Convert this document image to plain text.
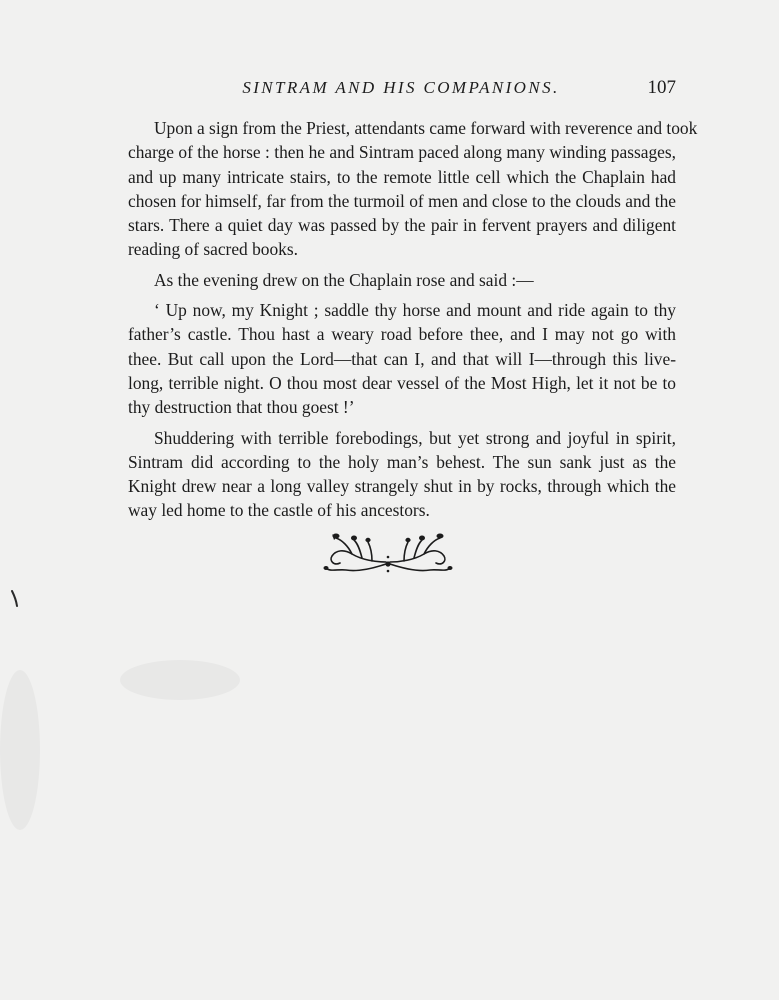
SINTRAM AND HIS COMPANIONS.	107

Upon a sign from the Priest, attendants came forward with reverence and took
charge of the horse : then he and Sintram paced along many winding passages,
and up many intricate stairs, to the remote little cell which the Chaplain had
chosen for himself, far from the turmoil of men and close to the clouds and the
stars. There a quiet day was passed by the pair in fervent prayers and diligent
reading of sacred books.

As the evening drew on the Chaplain rose and said :—

‘ Up now, my Knight ; saddle thy horse and mount and ride again to thy
father’s castle. Thou hast a weary road before thee, and I may not go with
thee. But call upon the Lord—that can I, and that will I—through this live-
long, terrible night. O thou most dear vessel of the Most High, let it not be to
thy destruction that thou goest !’

Shuddering with terrible forebodings, but yet strong and joyful in spirit,
Sintram did according to the holy man’s behest. The sun sank just as the
Knight drew near a long valley strangely shut in by rocks, through which the
way led home to the castle of his ancestors.
